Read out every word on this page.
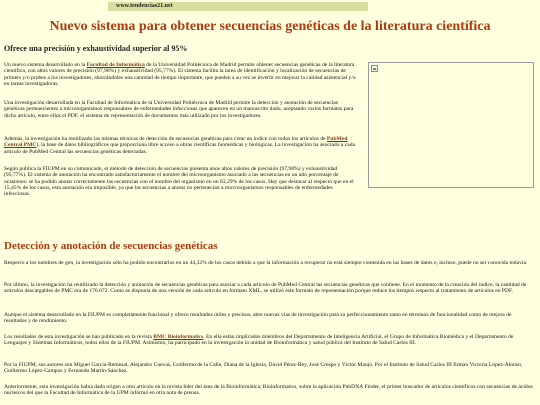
www.tendencias21.net
Nuevo sistema para obtener secuencias genéticas de la literatura científica
Ofrece una precisión y exhaustividad superior al 95%

Un nuevo sistema desarrollado en la Facultad de Informática de la Universidad Politécnica de Madrid permite obtener secuencias genéticas de la literatura científica, con altos valores de precisión (97,98%) y exhaustividad (95,77%). El sistema facilita la tarea de identificación y localización de secuencias de primers y/o probes a los investigadores, ahorrándoles una cantidad de tiempo importante, que pueden a su vez se invertir en mejorar la calidad asistencial y/o en tareas investigadoras.

Una investigación desarrollada en la Facultad de Informática de la Universidad Politécnica de Madrid permite la detección y anotación de secuencias genéticas pertenecientes a microorganismos responsables de enfermedades infecciosas que aparecen en un manuscrito dado, aceptando varios formatos para dicho artículo, entre ellos el PDF, el sistema de representación de documentos más utilizado por los investigadores.

Además, la investigación ha reutilizado las mismas técnicas de detección de secuencias genéticas para crear un índice con todos los artículos de PubMed Central PMC), la base de datos bibliográficos que proporciona libre acceso a obras científicas biomédicas y biológicas. La investigación ha asociado a cada artículo de PubMed Central las secuencias genéticas detectadas.

Según publica la FIUPM en su comunicado, el método de detección de secuencias presenta unos altos valores de precisión (97,98%) y exhaustividad (95,77%). El sistema de anotación ha encontrado satisfactoriamente el nombre del microorganismo asociado a las secuencias en un alto porcentaje de ocasiones: se ha podido anotar correctamente las secuencias con el nombre del organismo en un 83,29% de los casos. Hay que destacar al respecto que en el 15,45% de los casos, esta anotación era imposible, ya que las secuencias a anotar no pertenecían a microorganismos responsables de enfermedades infecciosas.

Detección y anotación de secuencias genéticas

Respecto a los nombres de gen, la investigación sólo ha podido encontrarlos en un 44,32% de los casos debido a que la información a recuperar no está siempre contenida en las bases de datos e, incluso, puede no ser conocida todavía.

Por último, la investigación ha reutilizado la detección y anotación de secuencias genéticas para asociar a cada artículo de PubMed Central las secuencias genéticas que contiene. En el momento de la creación del índice, la cantidad de artículos descargables de PMC era de 176.672. Como se disponía de una versión de cada artículo en formato XML, se utilizó este formato de representación porque reduce los tiempos respecto al tratamiento de artículos en PDF.

Aunque el sistema desarrollado en la FIUPM es completamente funcional y ofrece resultados útiles y precisos, abre nuevas vías de investigación para su perfeccionamiento tanto en términos de funcionalidad como de mejora de resultados y de rendimiento.

Los resultados de esta investigación se han publicado en la revista BMC Bioinformatics. En ella están implicados miembros del Departamento de Inteligencia Artificial, el Grupo de Informática Biomédica y el Departamento de Lenguajes y Sistemas Informáticos, todos ellos de la FIUPM. Asimismo, ha participado en la investigación la unidad de Bioinformática y salud pública del Instituto de Salud Carlos III.

Por la FIUPM, sus autores son Miguel García-Remesal, Alejandro Cuevas, Guillermo de la Calle, Diana de la Iglesia, David Pérez-Rey, José Crespo y Víctor Maojo. Por el Instituto de Salud Carlos III firman Victoria López-Alonso, Guillermo López-Campos y Fernando Martín-Sánchez.

Anteriormente, esta investigación había dado origen a otro artículo en la revista líder del área de la Bioinformática, Bioinformatics, sobre la aplicación PubDNA Finder, el primer buscador de artículos científicos con secuencias de ácidos nucleicos del que la Facultad de Informática de la UPM informó en otra nota de prensa.
